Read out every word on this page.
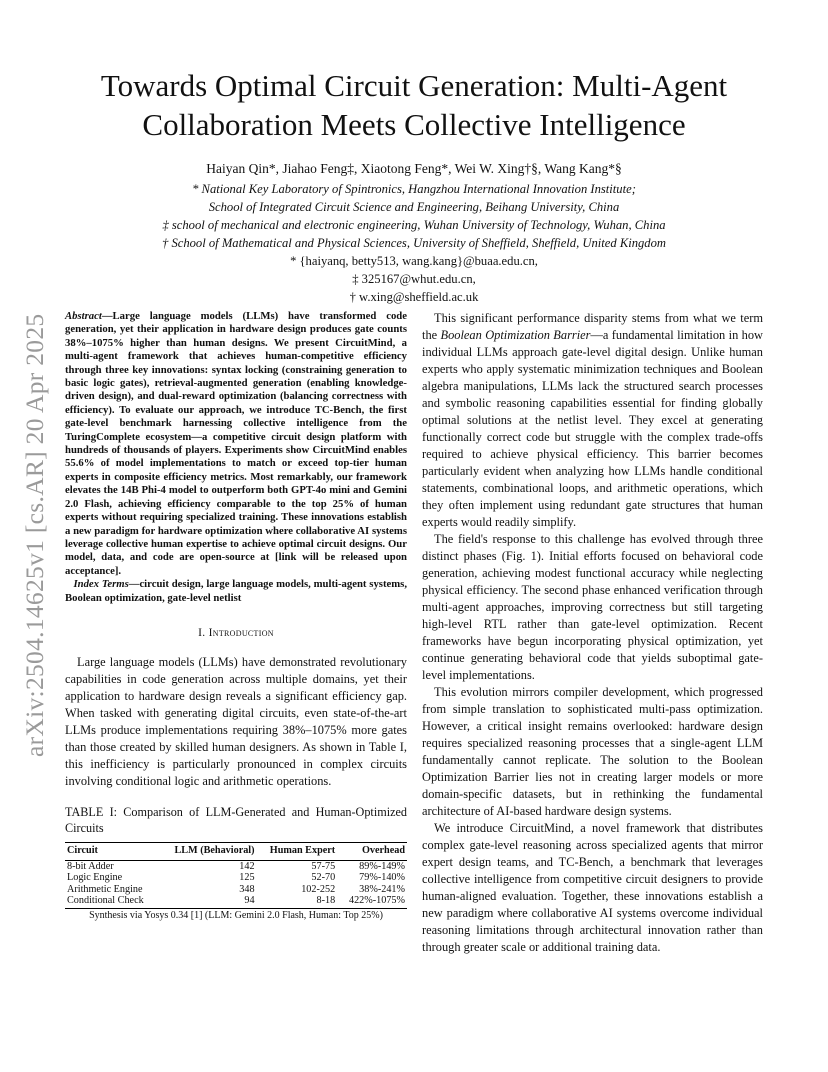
arXiv:2504.14625v1 [cs.AR] 20 Apr 2025
Towards Optimal Circuit Generation: Multi-Agent
Collaboration Meets Collective Intelligence
Haiyan Qin*, Jiahao Feng‡, Xiaotong Feng*, Wei W. Xing†§, Wang Kang*§
* National Key Laboratory of Spintronics, Hangzhou International Innovation Institute;
School of Integrated Circuit Science and Engineering, Beihang University, China
‡ school of mechanical and electronic engineering, Wuhan University of Technology, Wuhan, China
† School of Mathematical and Physical Sciences, University of Sheffield, Sheffield, United Kingdom
* {haiyanq, betty513, wang.kang}@buaa.edu.cn,
‡ 325167@whut.edu.cn,
† w.xing@sheffield.ac.uk
Abstract—Large language models (LLMs) have transformed code generation, yet their application in hardware design produces gate counts 38%–1075% higher than human designs. We present CircuitMind, a multi-agent framework that achieves human-competitive efficiency through three key innovations: syntax locking (constraining generation to basic logic gates), retrieval-augmented generation (enabling knowledge-driven design), and dual-reward optimization (balancing correctness with efficiency). To evaluate our approach, we introduce TC-Bench, the first gate-level benchmark harnessing collective intelligence from the TuringComplete ecosystem—a competitive circuit design platform with hundreds of thousands of players. Experiments show CircuitMind enables 55.6% of model implementations to match or exceed top-tier human experts in composite efficiency metrics. Most remarkably, our framework elevates the 14B Phi-4 model to outperform both GPT-4o mini and Gemini 2.0 Flash, achieving efficiency comparable to the top 25% of human experts without requiring specialized training. These innovations establish a new paradigm for hardware optimization where collaborative AI systems leverage collective human expertise to achieve optimal circuit designs. Our model, data, and code are open-source at [link will be released upon acceptance].
Index Terms—circuit design, large language models, multi-agent systems, Boolean optimization, gate-level netlist
I. Introduction

Large language models (LLMs) have demonstrated revolutionary capabilities in code generation across multiple domains, yet their application to hardware design reveals a significant efficiency gap. When tasked with generating digital circuits, even state-of-the-art LLMs produce implementations requiring 38%–1075% more gates than those created by skilled human designers. As shown in Table I, this inefficiency is particularly pronounced in complex circuits involving conditional logic and arithmetic operations.

TABLE I: Comparison of LLM-Generated and Human-Optimized Circuits
Circuit	LLM (Behavioral)	Human Expert	Overhead
8-bit Adder	142	57-75	89%-149%
Logic Engine	125	52-70	79%-140%
Arithmetic Engine	348	102-252	38%-241%
Conditional Check	94	8-18	422%-1075%
Synthesis via Yosys 0.34 [1] (LLM: Gemini 2.0 Flash, Human: Top 25%)

This significant performance disparity stems from what we term the Boolean Optimization Barrier—a fundamental limitation in how individual LLMs approach gate-level digital design. Unlike human experts who apply systematic minimization techniques and Boolean algebra manipulations, LLMs lack the structured search processes and symbolic reasoning capabilities essential for finding globally optimal solutions at the netlist level. They excel at generating functionally correct code but struggle with the complex trade-offs required to achieve physical efficiency. This barrier becomes particularly evident when analyzing how LLMs handle conditional statements, combinational loops, and arithmetic operations, which they often implement using redundant gate structures that human experts would readily simplify.

The field's response to this challenge has evolved through three distinct phases (Fig. 1). Initial efforts focused on behavioral code generation, achieving modest functional accuracy while neglecting physical efficiency. The second phase enhanced verification through multi-agent approaches, improving correctness but still targeting high-level RTL rather than gate-level optimization. Recent frameworks have begun incorporating physical optimization, yet continue generating behavioral code that yields suboptimal gate-level implementations.

This evolution mirrors compiler development, which progressed from simple translation to sophisticated multi-pass optimization. However, a critical insight remains overlooked: hardware design requires specialized reasoning processes that a single-agent LLM fundamentally cannot replicate. The solution to the Boolean Optimization Barrier lies not in creating larger models or more domain-specific datasets, but in rethinking the fundamental architecture of AI-based hardware design systems.

We introduce CircuitMind, a novel framework that distributes complex gate-level reasoning across specialized agents that mirror expert design teams, and TC-Bench, a benchmark that leverages collective intelligence from competitive circuit designers to provide human-aligned evaluation. Together, these innovations establish a new paradigm where collaborative AI systems overcome individual reasoning limitations through architectural innovation rather than through greater scale or additional training data.
